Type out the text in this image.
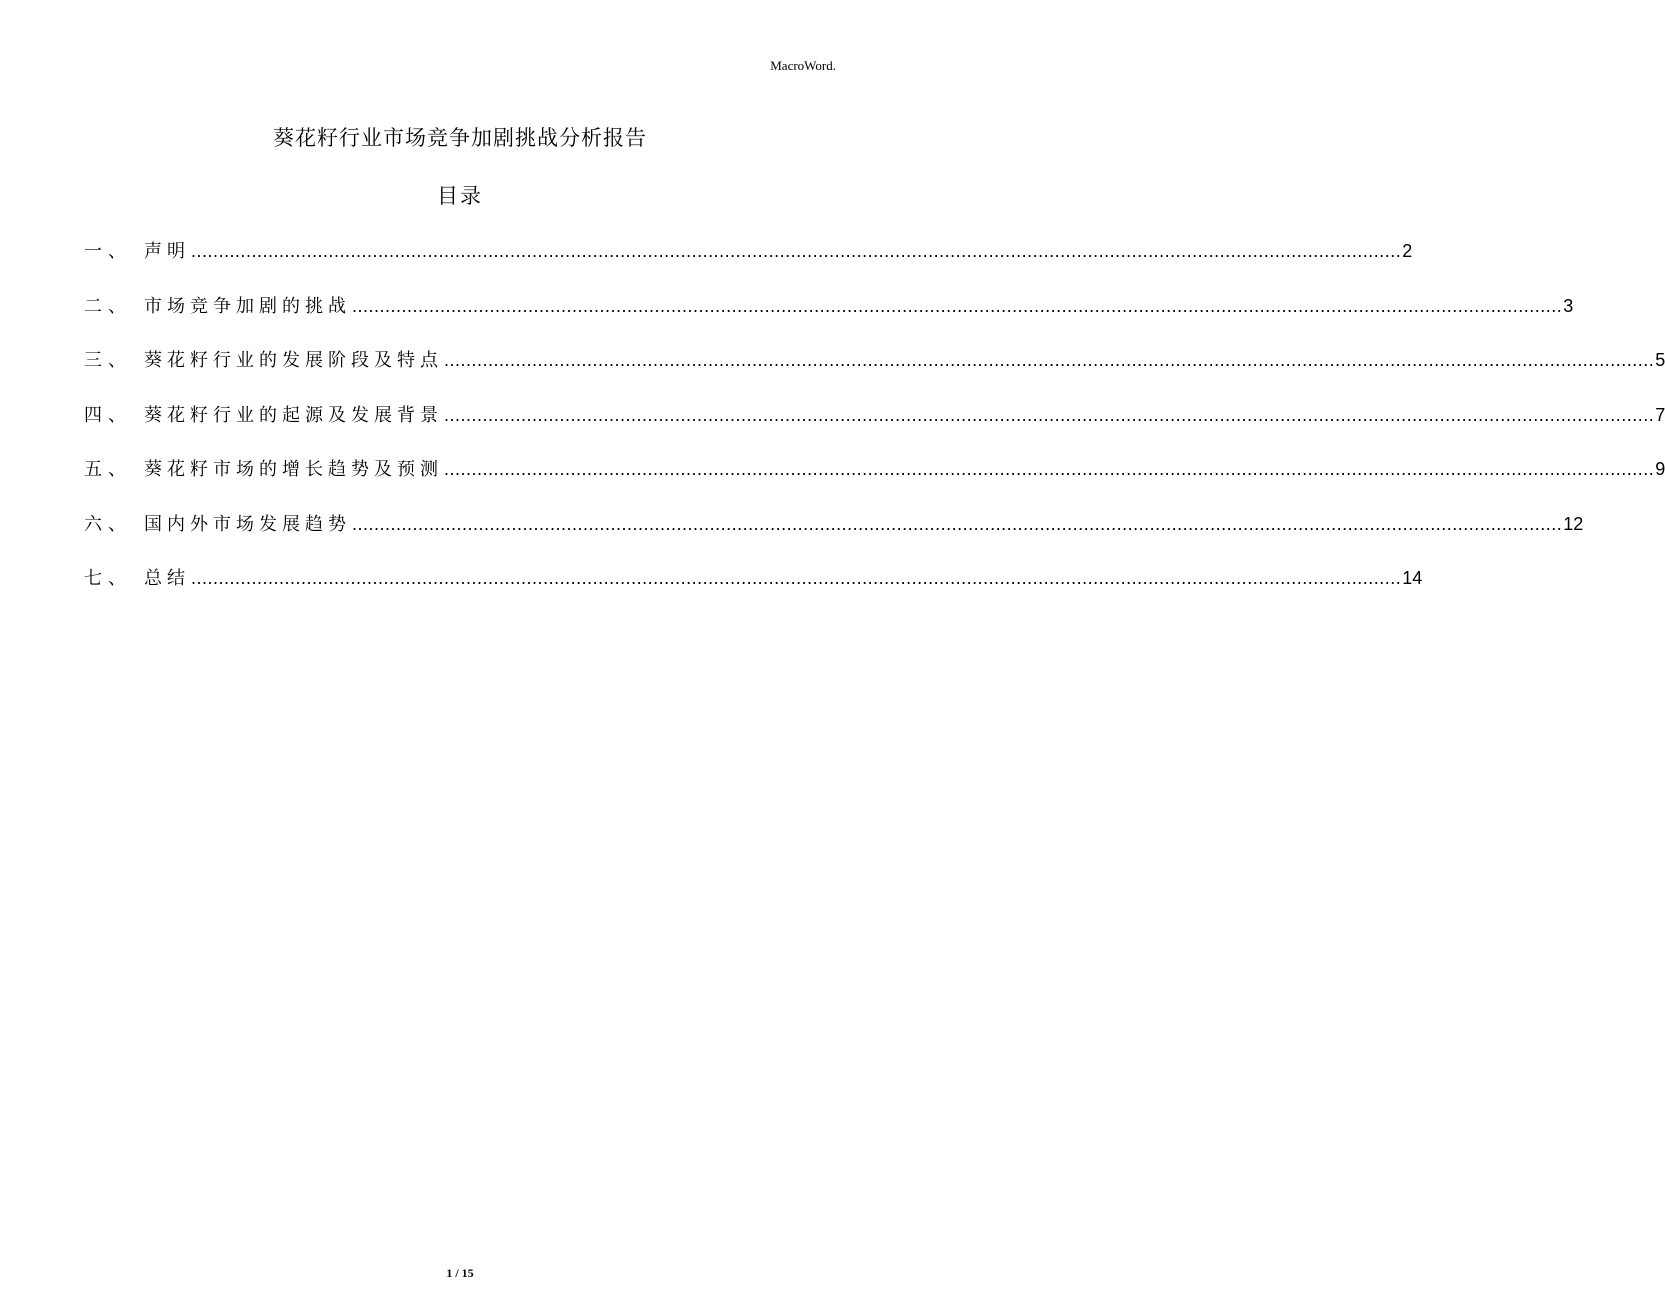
MacroWord.
葵花籽行业市场竞争加剧挑战分析报告
目录
一、 声明 ............................................................................................................................................................................................................................ 2
二、 市场竞争加剧的挑战 ............................................................................................................................................................................................................................ 3
三、 葵花籽行业的发展阶段及特点 ............................................................................................................................................................................................................................ 5
四、 葵花籽行业的起源及发展背景 ............................................................................................................................................................................................................................ 7
五、 葵花籽市场的增长趋势及预测 ............................................................................................................................................................................................................................ 9
六、 国内外市场发展趋势 ............................................................................................................................................................................................................................ 12
七、 总结 ............................................................................................................................................................................................................................ 14
1 / 15
